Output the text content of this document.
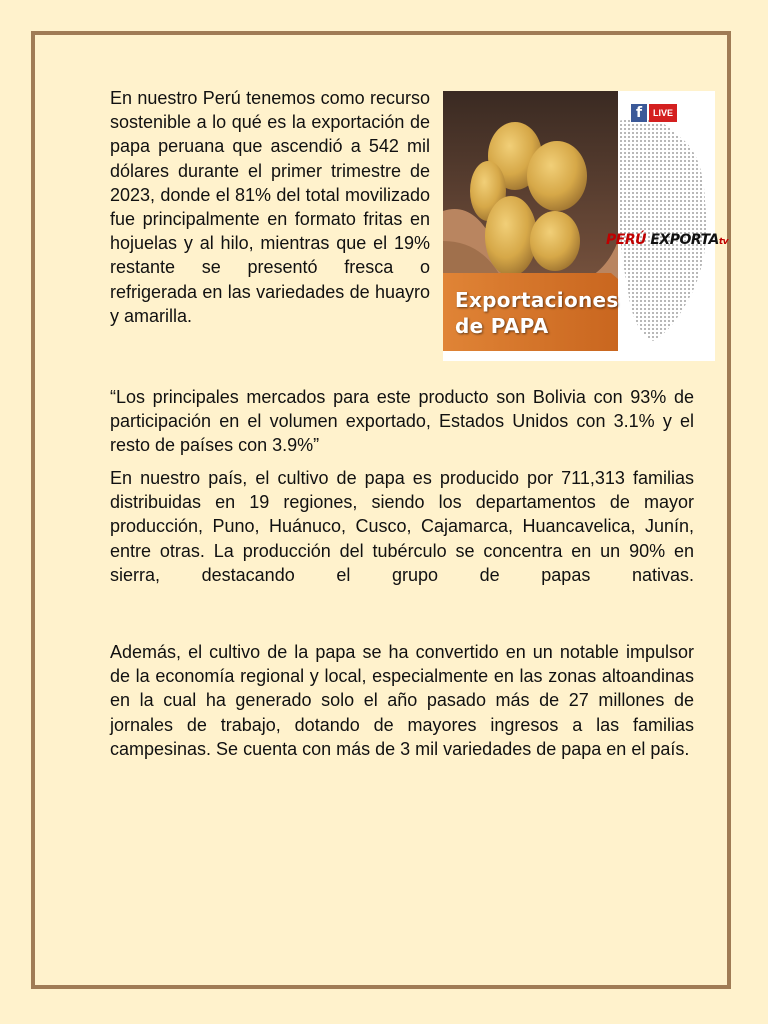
En nuestro Perú tenemos como recurso sostenible a lo qué es la exportación de papa peruana que ascendió a 542 mil dólares durante el primer trimestre de 2023, donde el 81% del total movilizado fue principalmente en formato fritas en hojuelas y al hilo, mientras que el 19% restante se presentó fresca o refrigerada en las variedades de huayro y amarilla.

f	LIVE
PERÚ EXPORTAtv
Exportaciones
de PAPA

“Los principales mercados para este producto son Bolivia con 93% de participación en el volumen exportado, Estados Unidos con 3.1% y el resto de países con 3.9%”

En nuestro país, el cultivo de papa es producido por 711,313 familias distribuidas en 19 regiones, siendo los departamentos de mayor producción, Puno, Huánuco, Cusco, Cajamarca, Huancavelica, Junín, entre otras. La producción del tubérculo se concentra en un 90% en sierra, destacando el grupo de papas nativas.

Además, el cultivo de la papa se ha convertido en un notable impulsor de la economía regional y local, especialmente en las zonas altoandinas en la cual ha generado solo el año pasado más de 27 millones de jornales de trabajo, dotando de mayores ingresos a las familias campesinas. Se cuenta con más de 3 mil variedades de papa en el país.
